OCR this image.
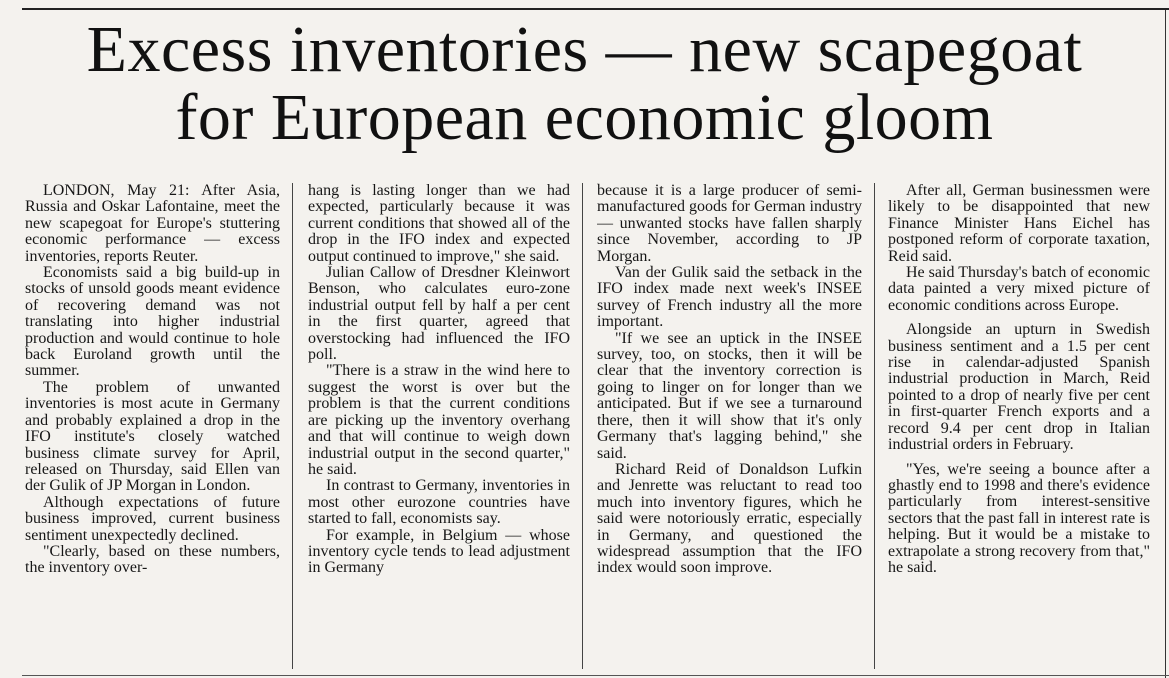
Excess inventories — new scapegoat
for European economic gloom

LONDON, May 21: After Asia, Russia and Oskar Lafontaine, meet the new scapegoat for Europe's stuttering economic performance — excess inventories, reports Reuter.

Economists said a big build-up in stocks of unsold goods meant evidence of recovering demand was not translating into higher industrial production and would continue to hole back Euroland growth until the summer.

The problem of unwanted inventories is most acute in Germany and probably explained a drop in the IFO institute's closely watched business climate survey for April, released on Thursday, said Ellen van der Gulik of JP Morgan in London.

Although expectations of future business improved, current business sentiment unexpectedly declined.

"Clearly, based on these numbers, the inventory over-

hang is lasting longer than we had expected, particularly because it was current conditions that showed all of the drop in the IFO index and expected output continued to improve," she said.

Julian Callow of Dresdner Kleinwort Benson, who calculates euro-zone industrial output fell by half a per cent in the first quarter, agreed that overstocking had influenced the IFO poll.

"There is a straw in the wind here to suggest the worst is over but the problem is that the current conditions are picking up the inventory overhang and that will continue to weigh down industrial output in the second quarter," he said.

In contrast to Germany, inventories in most other eurozone countries have started to fall, economists say.

For example, in Belgium — whose inventory cycle tends to lead adjustment in Germany

because it is a large producer of semi-manufactured goods for German industry — unwanted stocks have fallen sharply since November, according to JP Morgan.

Van der Gulik said the setback in the IFO index made next week's INSEE survey of French industry all the more important.

"If we see an uptick in the INSEE survey, too, on stocks, then it will be clear that the inventory correction is going to linger on for longer than we anticipated. But if we see a turnaround there, then it will show that it's only Germany that's lagging behind," she said.

Richard Reid of Donaldson Lufkin and Jenrette was reluctant to read too much into inventory figures, which he said were notoriously erratic, especially in Germany, and questioned the widespread assumption that the IFO index would soon improve.

After all, German businessmen were likely to be disappointed that new Finance Minister Hans Eichel has postponed reform of corporate taxation, Reid said.

He said Thursday's batch of economic data painted a very mixed picture of economic conditions across Europe.

Alongside an upturn in Swedish business sentiment and a 1.5 per cent rise in calendar-adjusted Spanish industrial production in March, Reid pointed to a drop of nearly five per cent in first-quarter French exports and a record 9.4 per cent drop in Italian industrial orders in February.

"Yes, we're seeing a bounce after a ghastly end to 1998 and there's evidence particularly from interest-sensitive sectors that the past fall in interest rate is helping. But it would be a mistake to extrapolate a strong recovery from that," he said.
